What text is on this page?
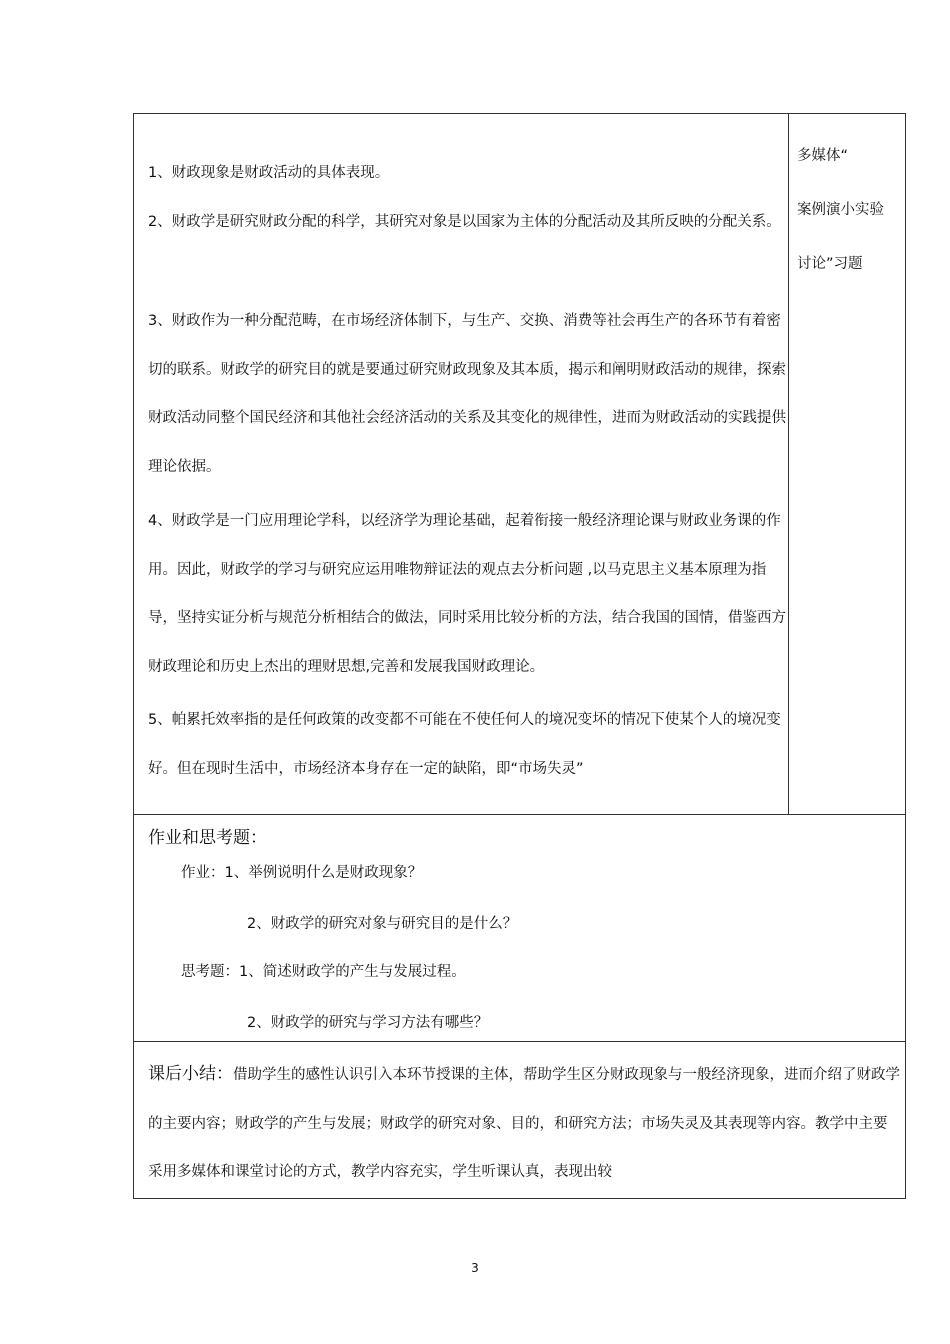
1、财政现象是财政活动的具体表现。

2、财政学是研究财政分配的科学，其研究对象是以国家为主体的分配活动及其所反映的分配关系。

3、财政作为一种分配范畴，在市场经济体制下，与生产、交换、消费等社会再生产的各环节有着密切的联系。财政学的研究目的就是要通过研究财政现象及其本质，揭示和阐明财政活动的规律，探索财政活动同整个国民经济和其他社会经济活动的关系及其变化的规律性，进而为财政活动的实践提供理论依据。

4、财政学是一门应用理论学科，以经济学为理论基础，起着衔接一般经济理论课与财政业务课的作用。因此，财政学的学习与研究应运用唯物辩证法的观点去分析问题 ,以马克思主义基本原理为指导，坚持实证分析与规范分析相结合的做法，同时采用比较分析的方法，结合我国的国情，借鉴西方财政理论和历史上杰出的理财思想,完善和发展我国财政理论。

5、帕累托效率指的是任何政策的改变都不可能在不使任何人的境况变坏的情况下使某个人的境况变好。但在现时生活中，市场经济本身存在一定的缺陷，即“市场失灵”

多媒体“
案例演小实验
讨论”习题
作业和思考题：
作业：1、举例说明什么是财政现象？
2、财政学的研究对象与研究目的是什么？
思考题：1、简述财政学的产生与发展过程。
2、财政学的研究与学习方法有哪些？

课后小结：借助学生的感性认识引入本环节授课的主体，帮助学生区分财政现象与一般经济现象，进而介绍了财政学的主要内容；财政学的产生与发展；财政学的研究对象、目的，和研究方法；市场失灵及其表现等内容。教学中主要采用多媒体和课堂讨论的方式，教学内容充实，学生听课认真，表现出较

3
